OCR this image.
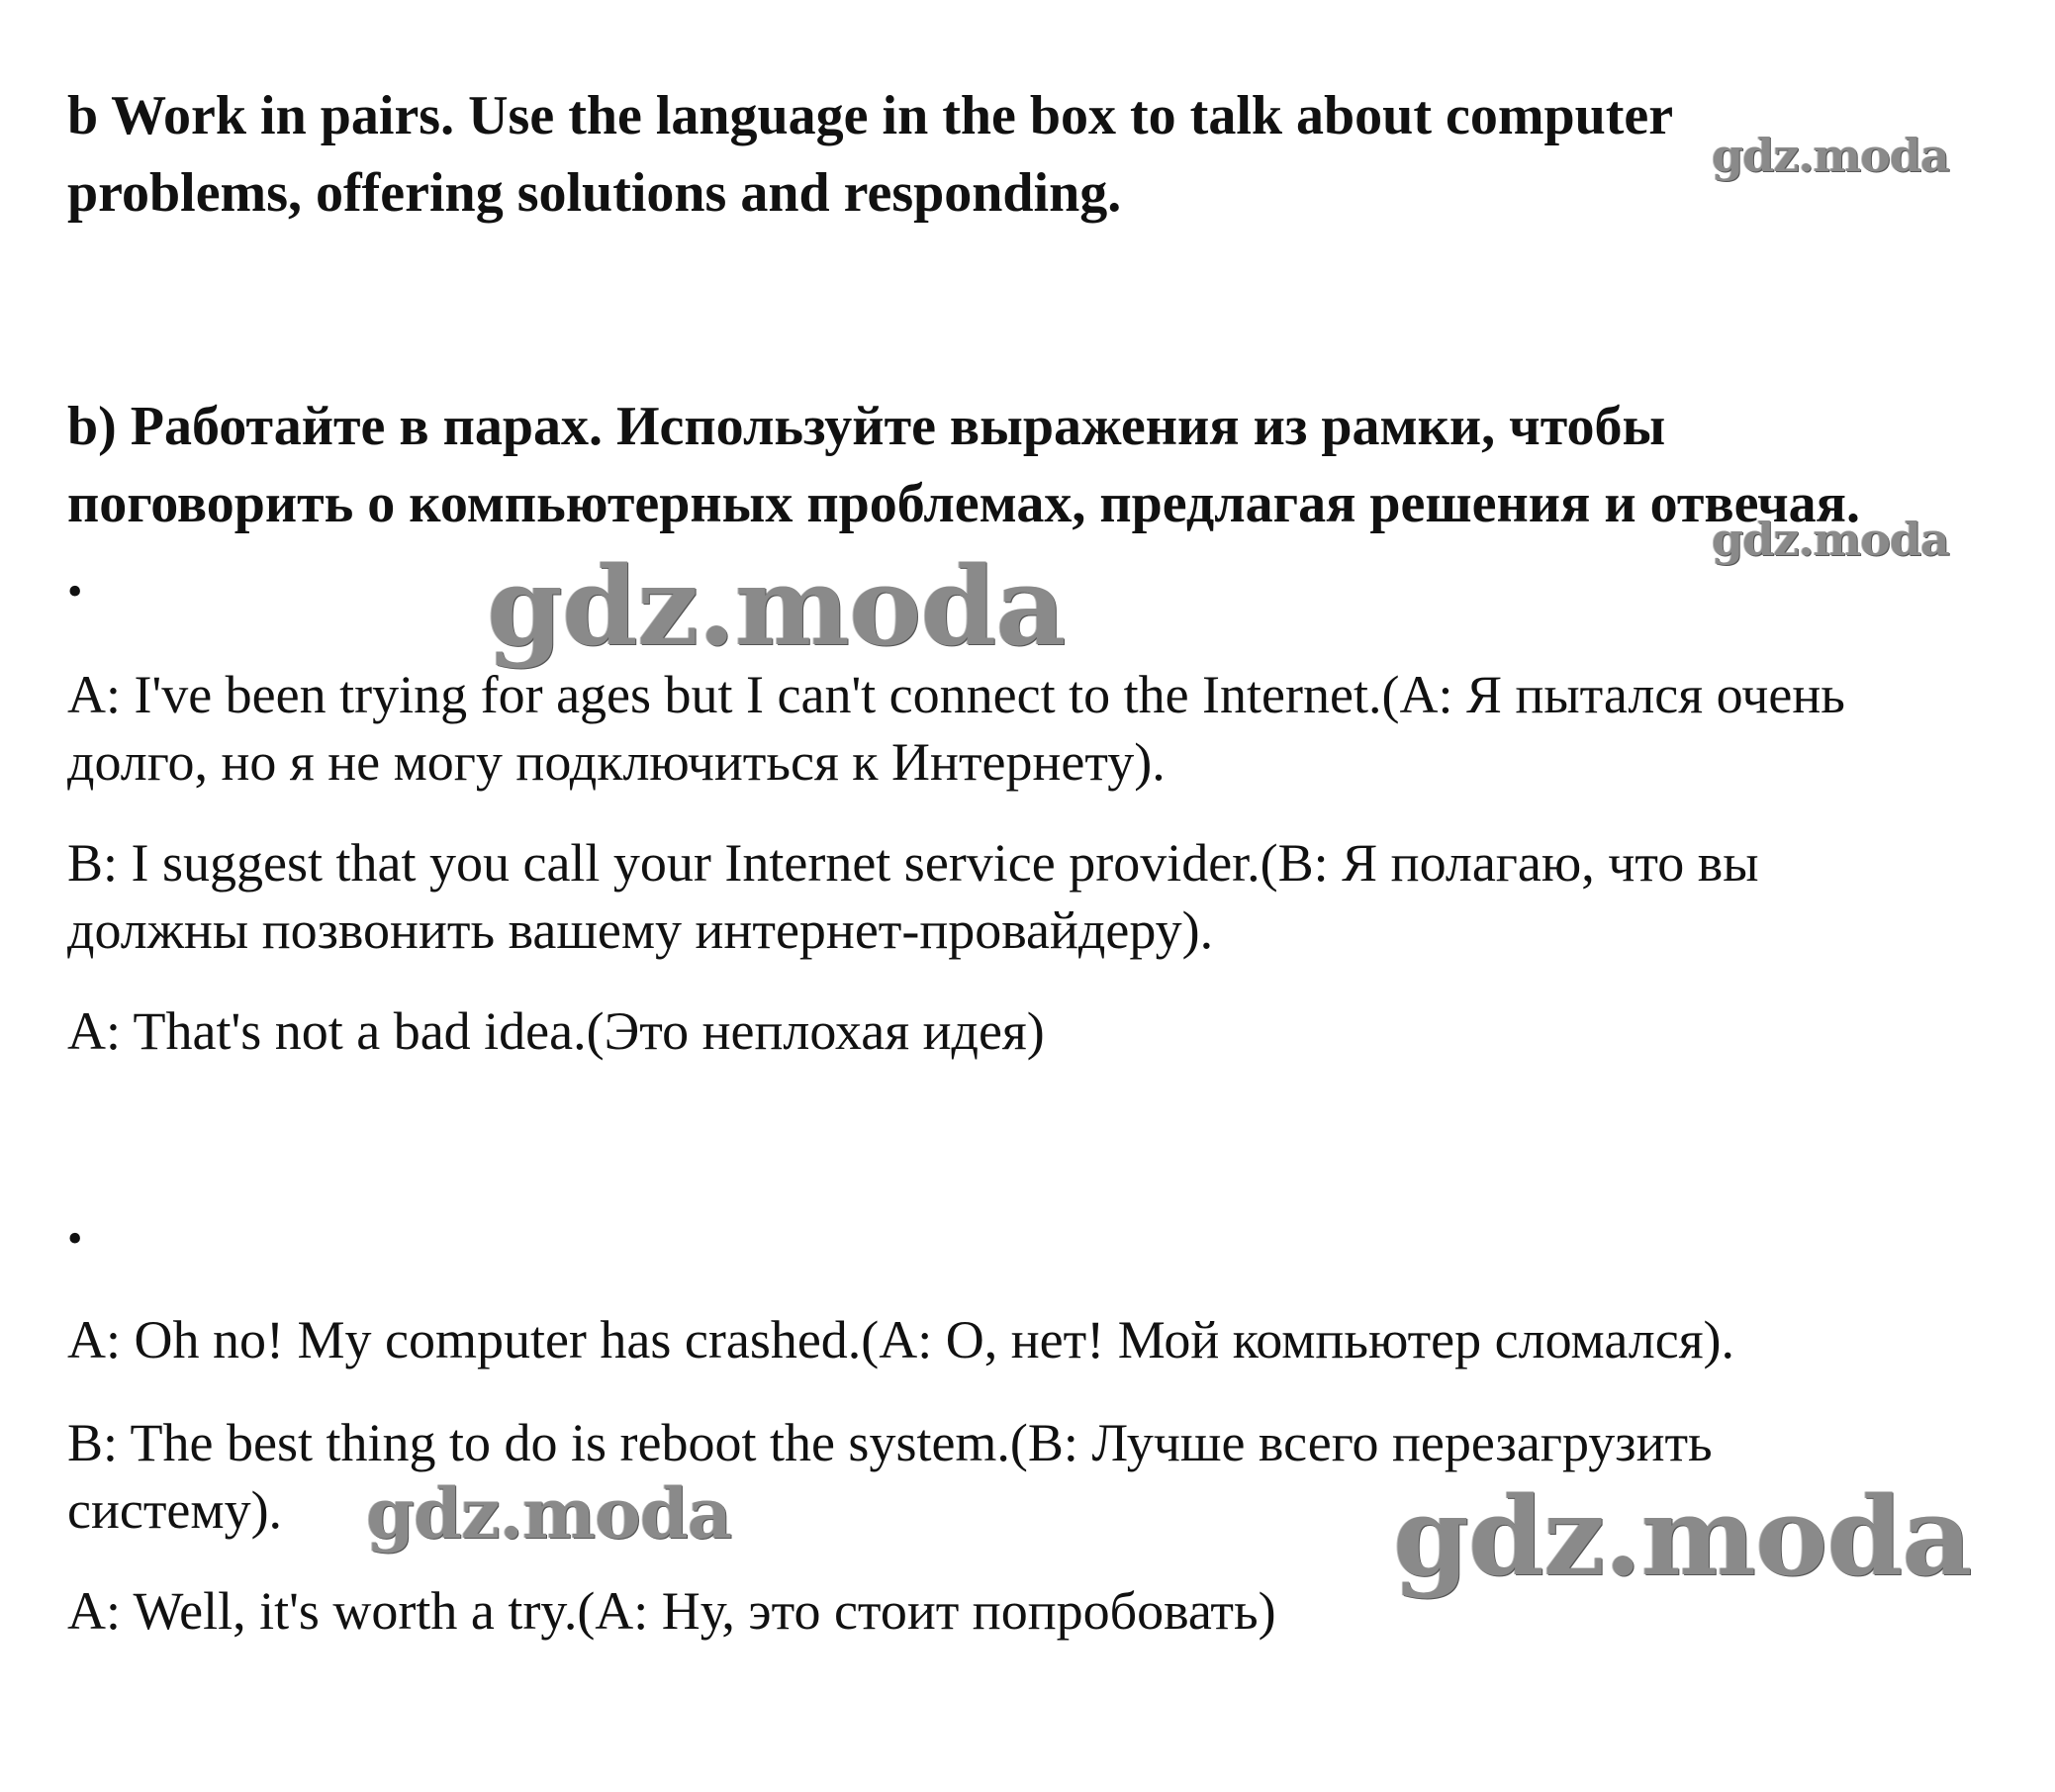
b Work in pairs. Use the language in the box to talk about computer
problems, offering solutions and responding.

gdz.moda

b) Работайте в парах. Используйте выражения из рамки, чтобы
поговорить о компьютерных проблемах, предлагая решения и отвечая.

gdz.moda
•	gdz.moda

A: I've been trying for ages but I can't connect to the Internet.(A: Я пытался очень
долго, но я не могу подключиться к Интернету).

B: I suggest that you call your Internet service provider.(B: Я полагаю, что вы
должны позвонить вашему интернет-провайдеру).

A: That's not a bad idea.(Это неплохая идея)

•

A: Oh no! My computer has crashed.(A: О, нет! Мой компьютер сломался).

B: The best thing to do is reboot the system.(B: Лучше всего перезагрузить
систему).	gdz.moda	gdz.moda

A: Well, it's worth a try.(A: Ну, это стоит попробовать)
